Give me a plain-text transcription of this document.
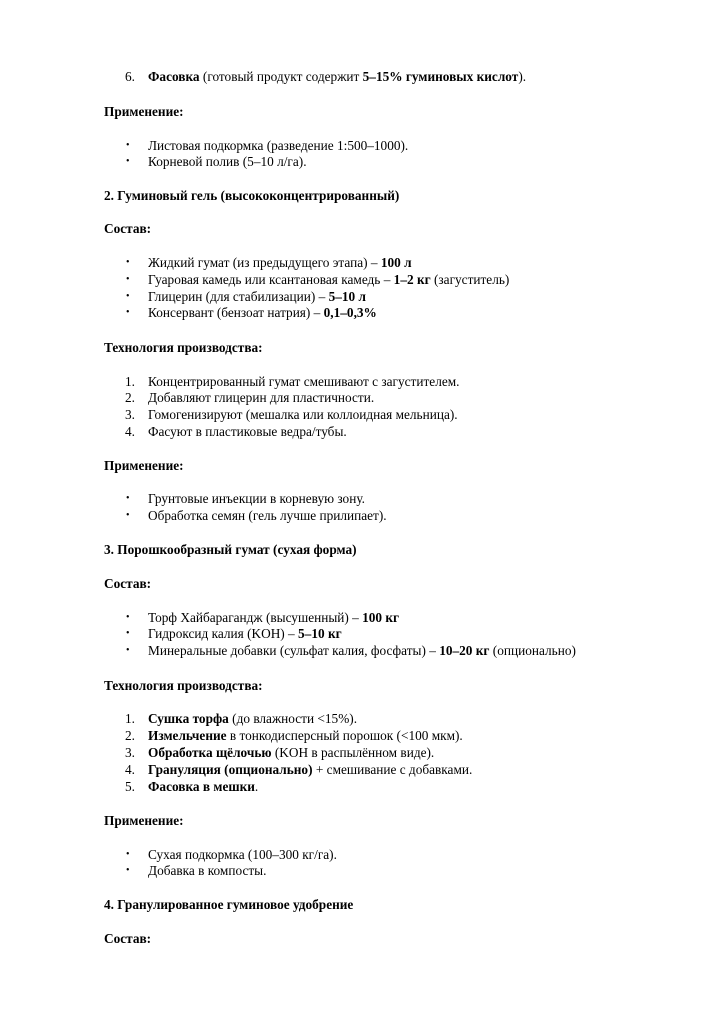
6. Фасовка (готовый продукт содержит 5–15% гуминовых кислот).
Применение:
• Листовая подкормка (разведение 1:500–1000).
• Корневой полив (5–10 л/га).
2. Гуминовый гель (высококонцентрированный)
Состав:
• Жидкий гумат (из предыдущего этапа) – 100 л
• Гуаровая камедь или ксантановая камедь – 1–2 кг (загуститель)
• Глицерин (для стабилизации) – 5–10 л
• Консервант (бензоат натрия) – 0,1–0,3%
Технология производства:
1. Концентрированный гумат смешивают с загустителем.
2. Добавляют глицерин для пластичности.
3. Гомогенизируют (мешалка или коллоидная мельница).
4. Фасуют в пластиковые ведра/тубы.
Применение:
• Грунтовые инъекции в корневую зону.
• Обработка семян (гель лучше прилипает).
3. Порошкообразный гумат (сухая форма)
Состав:
• Торф Хайбарагандж (высушенный) – 100 кг
• Гидроксид калия (KOH) – 5–10 кг
• Минеральные добавки (сульфат калия, фосфаты) – 10–20 кг (опционально)
Технология производства:
1. Сушка торфа (до влажности <15%).
2. Измельчение в тонкодисперсный порошок (<100 мкм).
3. Обработка щёлочью (KOH в распылённом виде).
4. Грануляция (опционально) + смешивание с добавками.
5. Фасовка в мешки.
Применение:
• Сухая подкормка (100–300 кг/га).
• Добавка в компосты.
4. Гранулированное гуминовое удобрение
Состав:
